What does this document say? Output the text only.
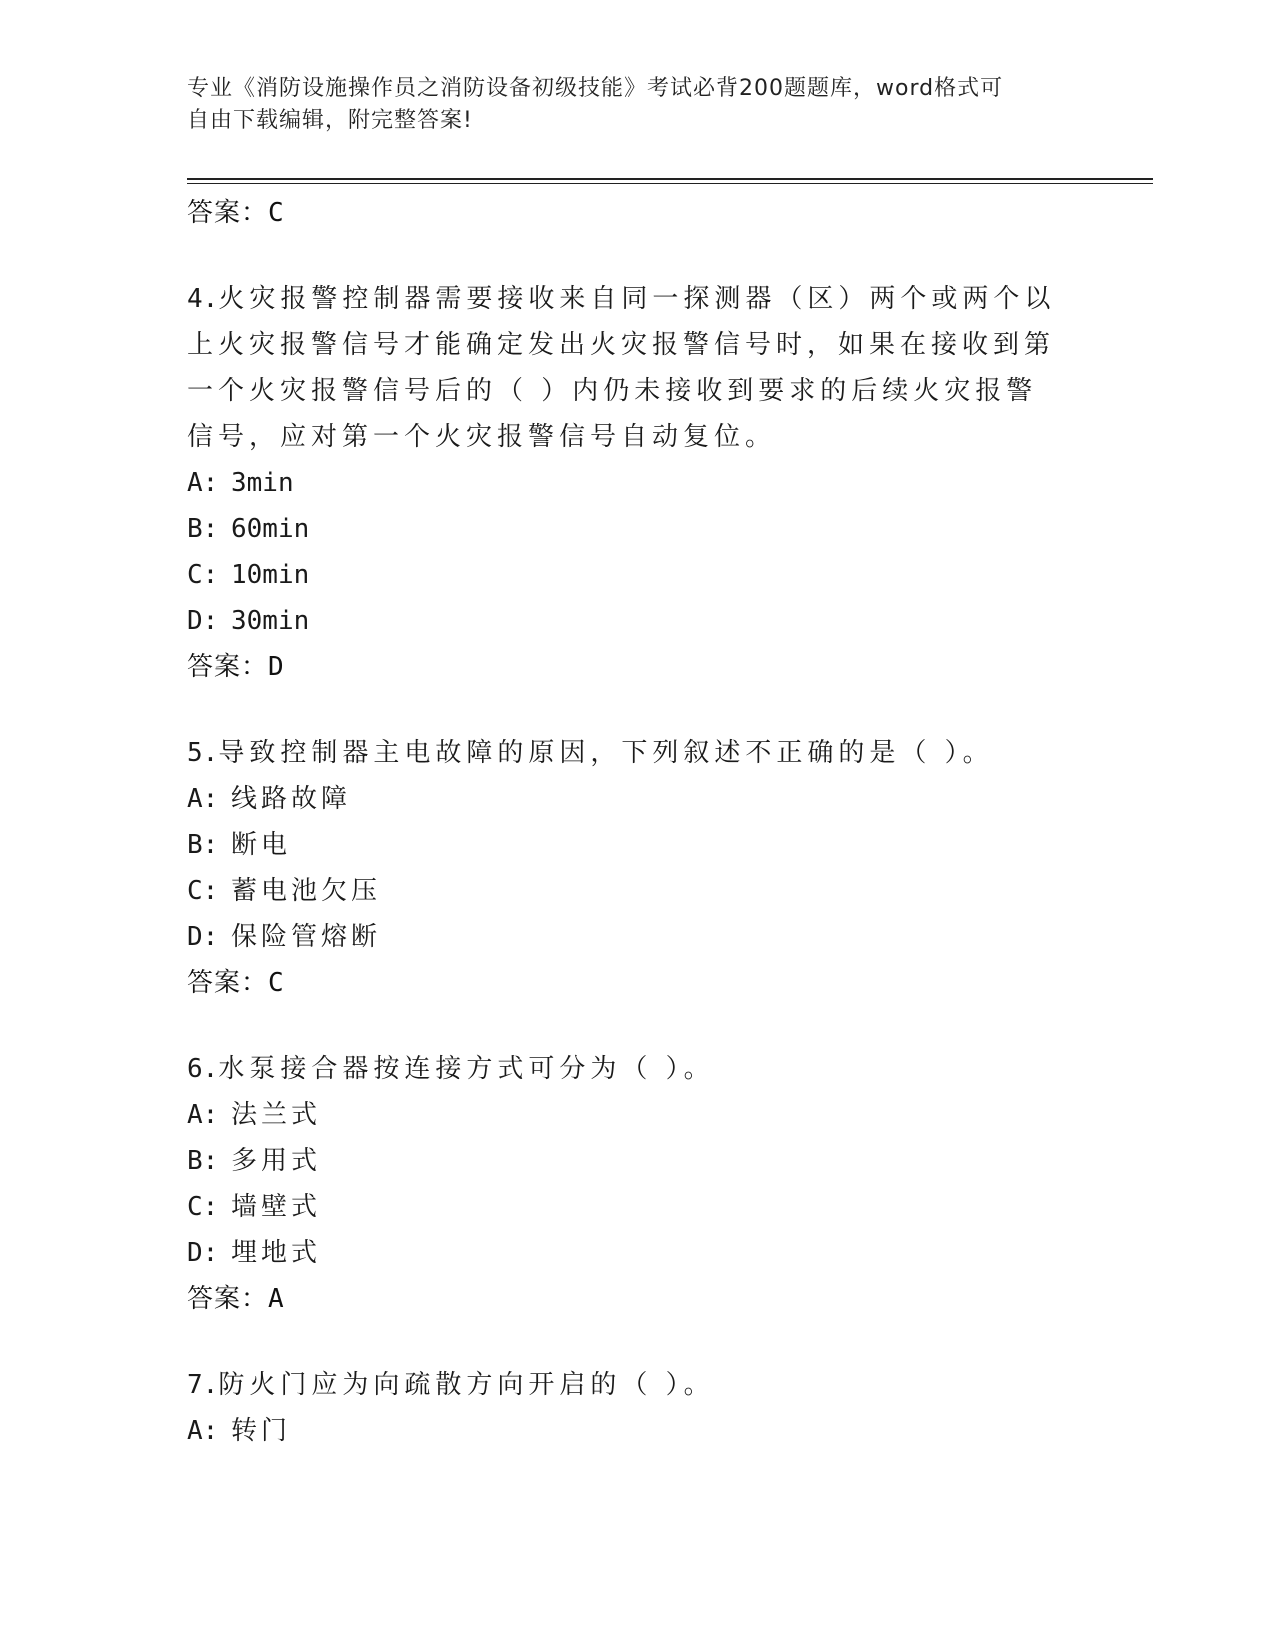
专业《消防设施操作员之消防设备初级技能》考试必背200题题库，word格式可
自由下载编辑，附完整答案!
答案：C
4.火灾报警控制器需要接收来自同一探测器（区）两个或两个以上火灾报警信号才能确定发出火灾报警信号时，如果在接收到第一个火灾报警信号后的（ ）内仍未接收到要求的后续火灾报警信号，应对第一个火灾报警信号自动复位。
A: 3min
B: 60min
C: 10min
D: 30min
答案：D
5.导致控制器主电故障的原因，下列叙述不正确的是（ ）。
A: 线路故障
B: 断电
C: 蓄电池欠压
D: 保险管熔断
答案：C
6.水泵接合器按连接方式可分为（ ）。
A: 法兰式
B: 多用式
C: 墙壁式
D: 埋地式
答案：A
7.防火门应为向疏散方向开启的（ ）。
A: 转门
